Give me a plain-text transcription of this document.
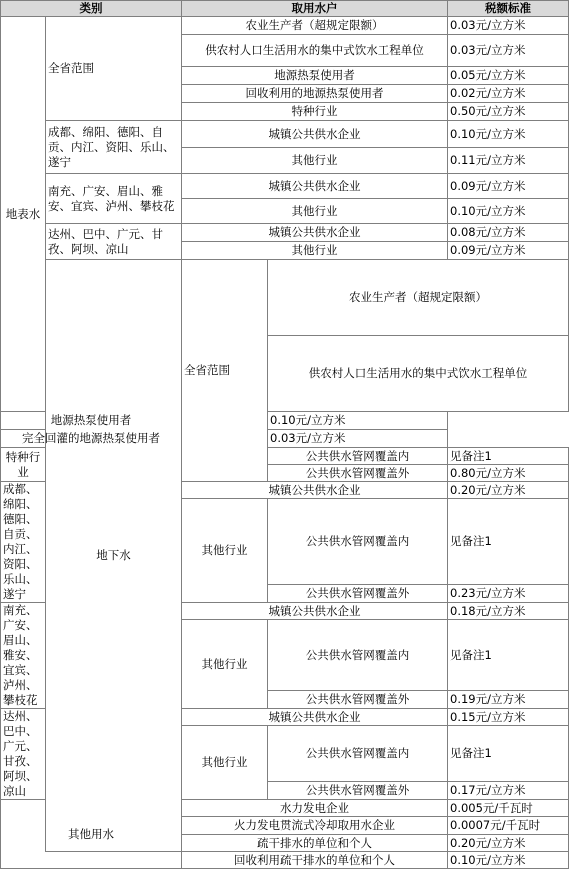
类别		取用水户		税额标准	
地表水	全省范围	农业生产者（超规定限额）		0.03元/立方米	
		供农村人口生活用水的集中式饮水工程单位		0.03元/立方米	
		地源热泵使用者		0.05元/立方米	
		回收利用的地源热泵使用者		0.02元/立方米	
		特种行业		0.50元/立方米	
	成都、绵阳、德阳、自贡、内江、资阳、乐山、遂宁	城镇公共供水企业		0.10元/立方米	
		其他行业		0.11元/立方米	
	南充、广安、眉山、雅安、宜宾、泸州、攀枝花	城镇公共供水企业		0.09元/立方米	
		其他行业		0.10元/立方米	
	达州、巴中、广元、甘孜、阿坝、凉山	城镇公共供水企业		0.08元/立方米	
		其他行业		0.09元/立方米	
	地下水	全省范围	农业生产者（超规定限额）	
			供农村人口生活用水的集中式饮水工程单位	
地源热泵使用者			0.10元/立方米		
完全回灌的地源热泵使用者			0.03元/立方米		
特种行业			公共供水管网覆盖内	见备注1	
			公共供水管网覆盖外	0.80元/立方米	
成都、绵阳、德阳、自贡、内江、资阳、乐山、遂宁		城镇公共供水企业		0.20元/立方米	
		其他行业	公共供水管网覆盖内	见备注1	
			公共供水管网覆盖外	0.23元/立方米	
南充、广安、眉山、雅安、宜宾、泸州、攀枝花		城镇公共供水企业		0.18元/立方米	
		其他行业	公共供水管网覆盖内	见备注1	
			公共供水管网覆盖外	0.19元/立方米	
达州、巴中、广元、甘孜、阿坝、凉山		城镇公共供水企业		0.15元/立方米	
		其他行业	公共供水管网覆盖内	见备注1	
			公共供水管网覆盖外	0.17元/立方米	
其他用水		水力发电企业		0.005元/千瓦时	
		火力发电贯流式冷却取用水企业		0.0007元/千瓦时	
		疏干排水的单位和个人		0.20元/立方米	
		回收利用疏干排水的单位和个人		0.10元/立方米	
